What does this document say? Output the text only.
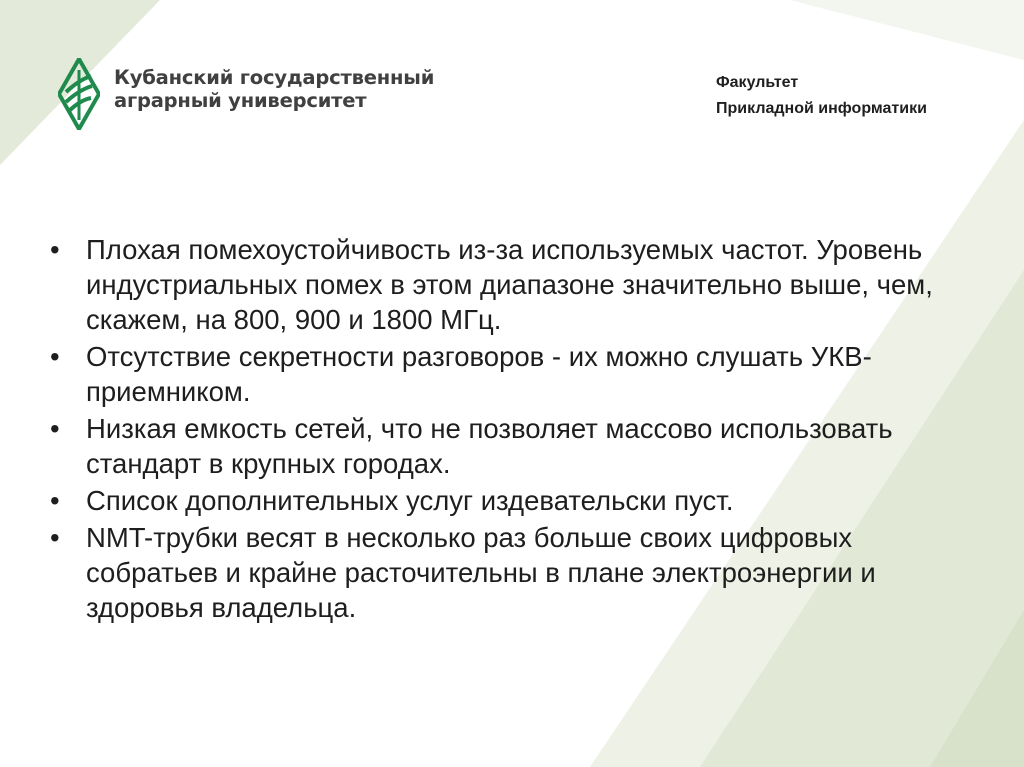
Кубанский государственный
аграрный университет
Факультет
Прикладной информатики
• Плохая помехоустойчивость из-за используемых частот. Уровень индустриальных помех в этом диапазоне значительно выше, чем, скажем, на 800, 900 и 1800 МГц.
• Отсутствие секретности разговоров - их можно слушать УКВ-приемником.
• Низкая емкость сетей, что не позволяет массово использовать стандарт в крупных городах.
• Список дополнительных услуг издевательски пуст.
• NMT-трубки весят в несколько раз больше своих цифровых собратьев и крайне расточительны в плане электроэнергии и здоровья владельца.
